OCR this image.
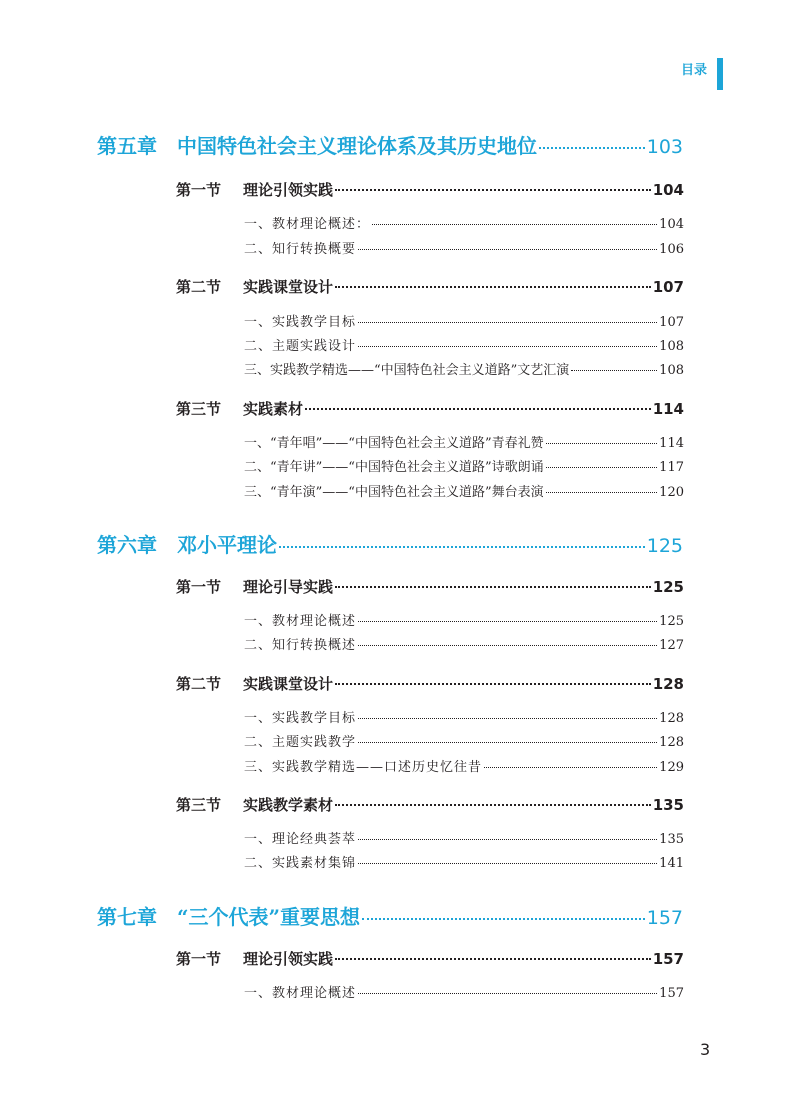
目录
第五章 中国特色社会主义理论体系及其历史地位	103
第一节 理论引领实践	104
一、教材理论概述：	104
二、知行转换概要	106
第二节 实践课堂设计	107
一、实践教学目标	107
二、主题实践设计	108
三、实践教学精选——“中国特色社会主义道路”文艺汇演	108
第三节 实践素材	114
一、“青年唱”——“中国特色社会主义道路”青春礼赞	114
二、“青年讲”——“中国特色社会主义道路”诗歌朗诵	117
三、“青年演”——“中国特色社会主义道路”舞台表演	120
第六章 邓小平理论	125
第一节 理论引导实践	125
一、教材理论概述	125
二、知行转换概述	127
第二节 实践课堂设计	128
一、实践教学目标	128
二、主题实践教学	128
三、实践教学精选——口述历史忆往昔	129
第三节 实践教学素材	135
一、理论经典荟萃	135
二、实践素材集锦	141
第七章 “三个代表”重要思想	157
第一节 理论引领实践	157
一、教材理论概述	157
3
